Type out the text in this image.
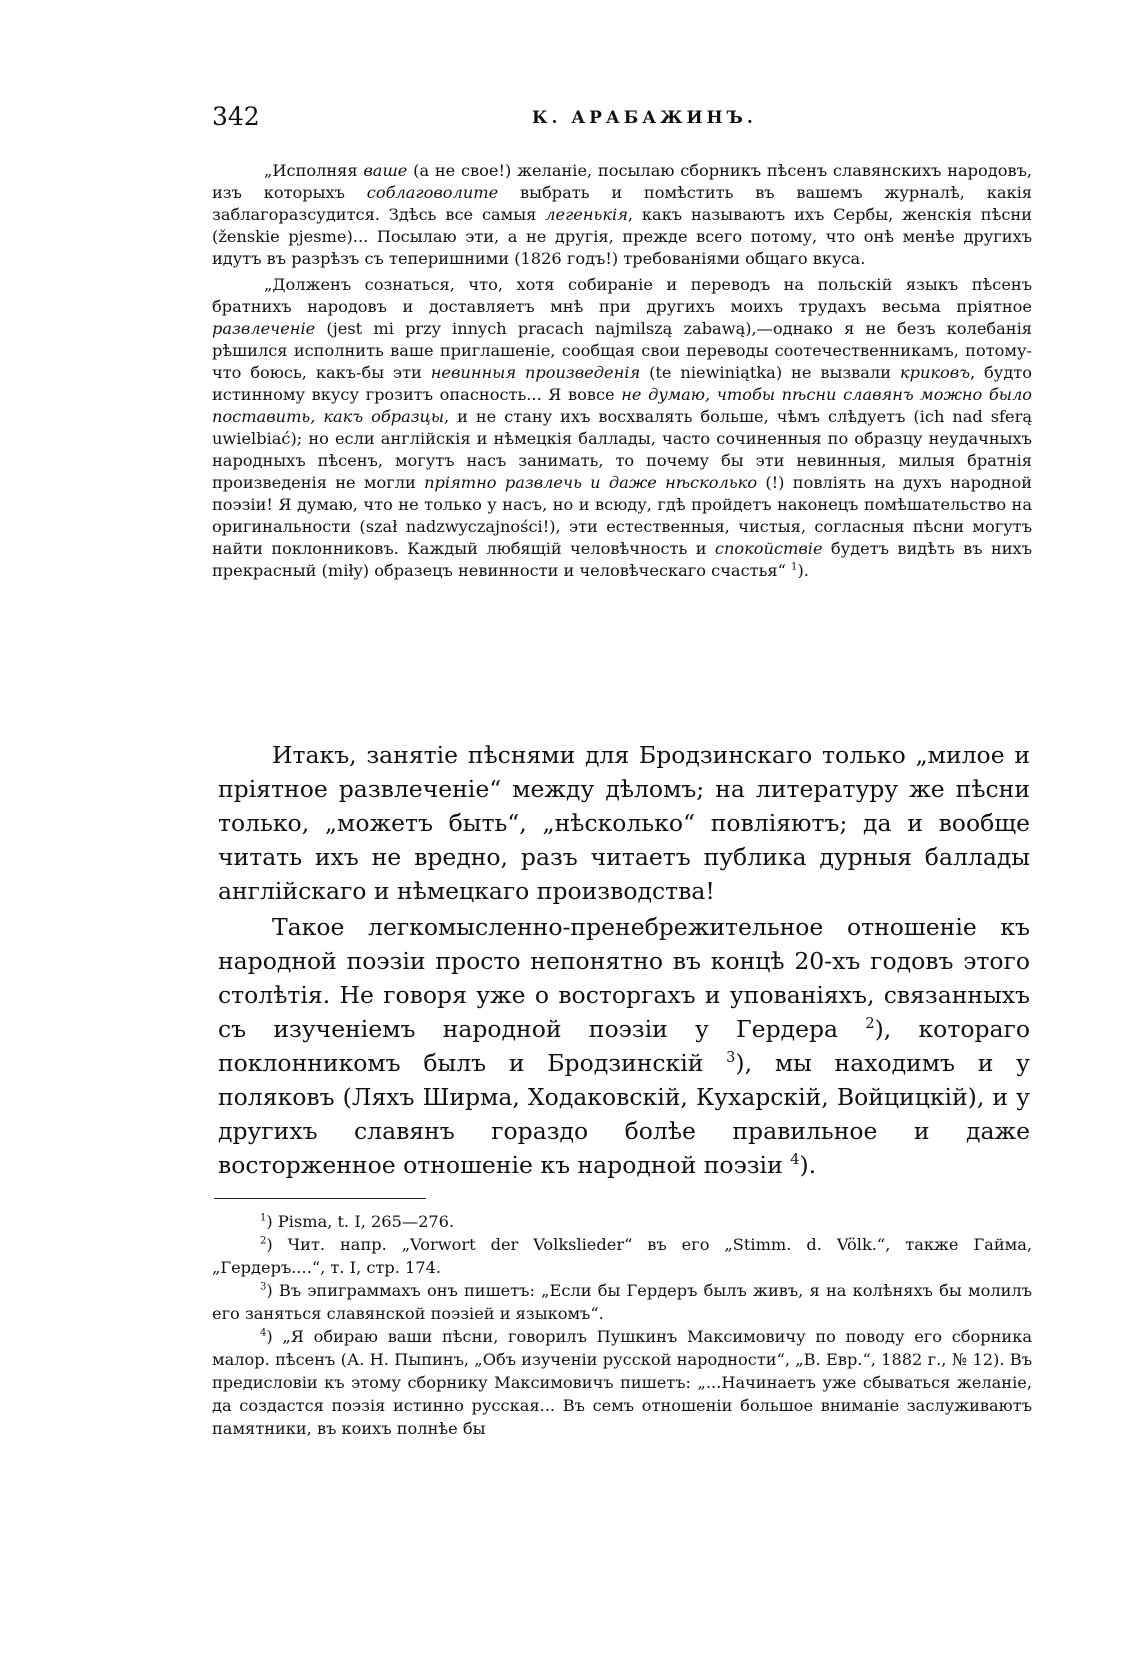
342	К. АРАБАЖИНЪ.

„Исполняя ваше (а не свое!) желаніе, посылаю сборникъ пѣсенъ славянскихъ народовъ, изъ которыхъ соблаговолите выбрать и помѣстить въ вашемъ журналѣ, какія заблагоразсудится. Здѣсь все самыя легенькія, какъ называютъ ихъ Сербы, женскія пѣсни (ženskie pjesme)... Посылаю эти, а не другія, прежде всего потому, что онѣ менѣе другихъ идутъ въ разрѣзъ съ теперишними (1826 годъ!) требованіями общаго вкуса.

„Долженъ сознаться, что, хотя собираніе и переводъ на польскій языкъ пѣсенъ братнихъ народовъ и доставляетъ мнѣ при другихъ моихъ трудахъ весьма пріятное развлеченіе (jest mi przy innych pracach najmilszą zabawą),—однако я не безъ колебанія рѣшился исполнить ваше приглашеніе, сообщая свои переводы соотечественникамъ, потому-что боюсь, какъ-бы эти невинныя произведенія (te niewiniątka) не вызвали криковъ, будто истинному вкусу грозитъ опасность... Я вовсе не думаю, чтобы пѣсни славянъ можно было поставить, какъ образцы, и не стану ихъ восхвалять больше, чѣмъ слѣдуетъ (ich nad sferą uwielbiać); но если англійскія и нѣмецкія баллады, часто сочиненныя по образцу неудачныхъ народныхъ пѣсенъ, могутъ насъ занимать, то почему бы эти невинныя, милыя братнія произведенія не могли пріятно развлечь и даже нѣсколько (!) повліять на духъ народной поэзіи! Я думаю, что не только у насъ, но и всюду, гдѣ пройдетъ наконецъ помѣшательство на оригинальности (szał nadzwyczajności!), эти естественныя, чистыя, согласныя пѣсни могутъ найти поклонниковъ. Каждый любящій человѣчность и спокойствіе будетъ видѣть въ нихъ прекрасный (miły) образецъ невинности и человѣческаго счастья“ $^1$).

Итакъ, занятіе пѣснями для Бродзинскаго только „милое и пріятное развлеченіе“ между дѣломъ; на литературу же пѣсни только, „можетъ быть“, „нѣсколько“ повліяютъ; да и вообще читать ихъ не вредно, разъ читаетъ публика дурныя баллады англійскаго и нѣмецкаго производства!

Такое легкомысленно-пренебрежительное отношеніе къ народной поэзіи просто непонятно въ концѣ 20-хъ годовъ этого столѣтія. Не говоря уже о восторгахъ и упованіяхъ, связанныхъ съ изученіемъ народной поэзіи у Гердера $^2$), котораго поклонникомъ былъ и Бродзинскій $^3$), мы находимъ и у поляковъ (Ляхъ Ширма, Ходаковскій, Кухарскій, Войцицкій), и у другихъ славянъ гораздо болѣе правильное и даже восторженное отношеніе къ народной поэзіи $^4$).

$^1$) Pisma, t. I, 265—276.

$^2$) Чит. напр. „Vorwort der Volkslieder“ въ его „Stimm. d. Völk.“, также Гайма, „Гердеръ....“, т. I, стр. 174.

$^3$) Въ эпиграммахъ онъ пишетъ: „Если бы Гердеръ былъ живъ, я на колѣняхъ бы молилъ его заняться славянской поэзіей и языкомъ“.

$^4$) „Я обираю ваши пѣсни, говорилъ Пушкинъ Максимовичу по поводу его сборника малор. пѣсенъ (А. Н. Пыпинъ, „Объ изученіи русской народности“, „В. Евр.“, 1882 г., № 12). Въ предисловіи къ этому сборнику Максимовичъ пишетъ: „...Начинаетъ уже сбываться желаніе, да создастся поэзія истинно русская... Въ семъ отношеніи большое вниманіе заслуживаютъ памятники, въ коихъ полнѣе бы
